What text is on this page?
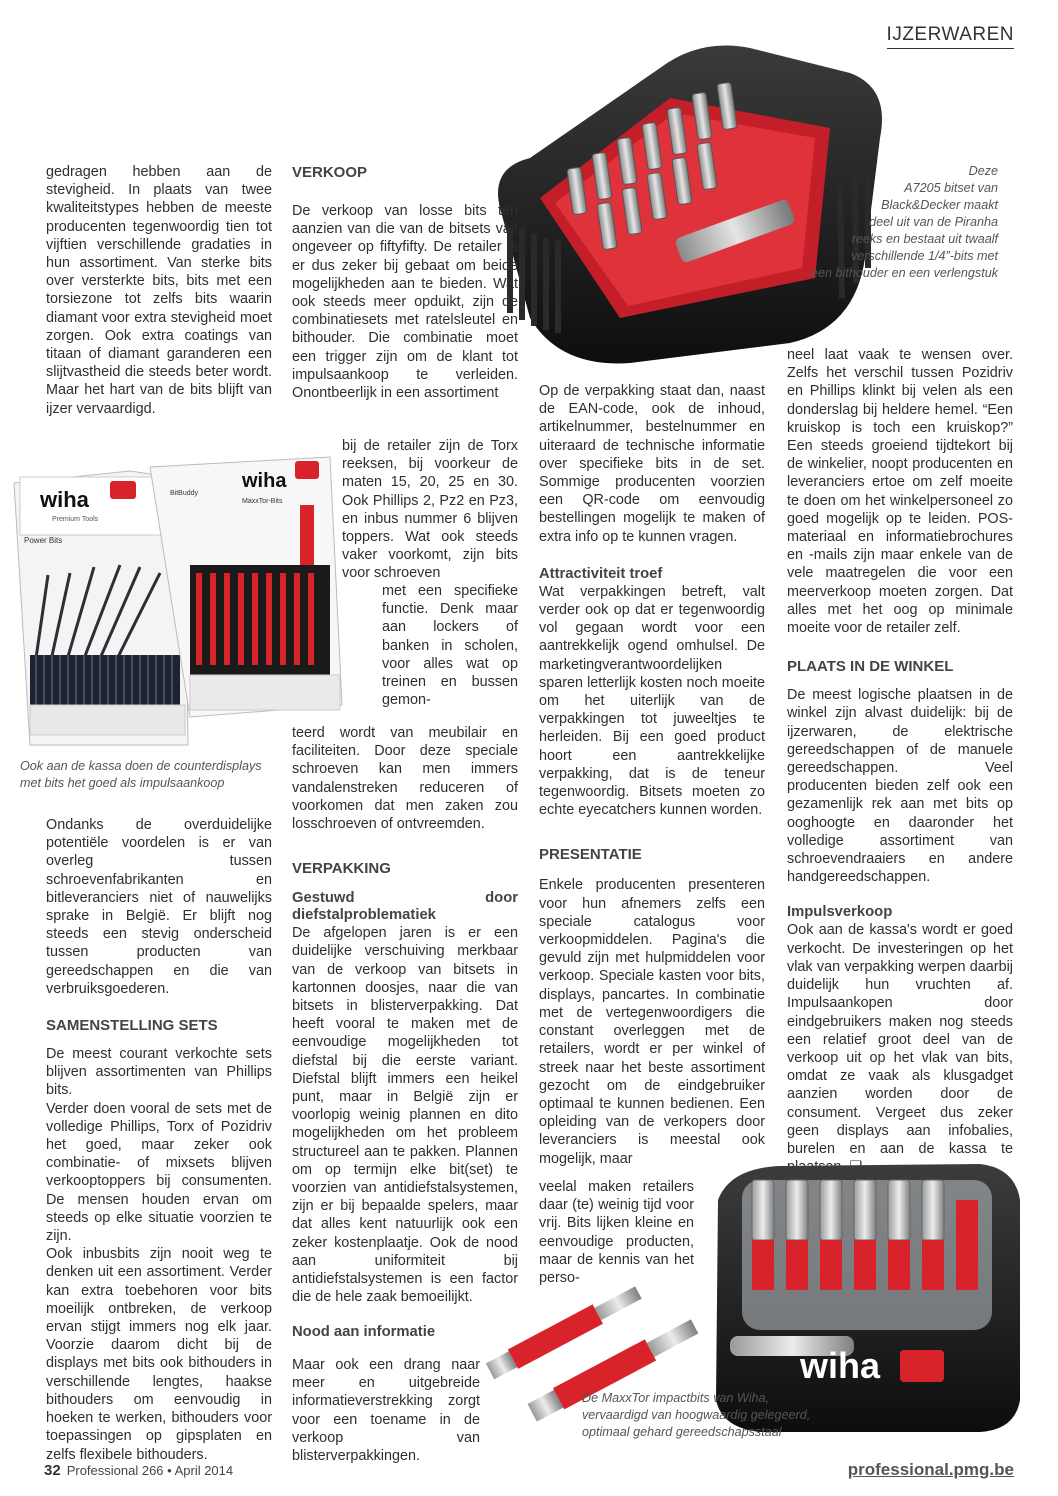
IJZERWAREN
Deze
A7205 bitset van
Black&Decker maakt
deel uit van de Piranha
reeks en bestaat uit twaalf
verschillende 1/4”-bits met
een bithouder en een verlengstuk

gedragen hebben aan de stevigheid. In plaats van twee kwaliteitstypes hebben de meeste producenten tegenwoordig tien tot vijftien verschillende gradaties in hun assortiment. Van sterke bits over versterkte bits, bits met een torsiezone tot zelfs bits waarin diamant voor extra stevigheid moet zorgen. Ook extra coatings van titaan of diamant garanderen een slijtvastheid die steeds beter wordt. Maar het hart van de bits blijft van ijzer vervaardigd.

wiha
Premium Tools
Power Bits
wiha
BitBuddy
MaxxTor-Bits
Ook aan de kassa doen de counterdisplays
met bits het goed als impulsaankoop

Ondanks de overduidelijke potentiële voordelen is er van overleg tussen schroevenfabrikanten en bitleveranciers niet of nauwelijks sprake in België. Er blijft nog steeds een stevig onderscheid tussen producten van gereedschappen en die van verbruiksgoederen.

SAMENSTELLING SETS

De meest courant verkochte sets blijven assortimenten van Phillips bits.

Verder doen vooral de sets met de volledige Phillips, Torx of Pozidriv het goed, maar zeker ook combinatie- of mixsets blijven verkooptoppers bij consumenten. De mensen houden ervan om steeds op elke situatie voorzien te zijn.

Ook inbusbits zijn nooit weg te denken uit een assortiment. Verder kan extra toebehoren voor bits moeilijk ontbreken, de verkoop ervan stijgt immers nog elk jaar. Voorzie daarom dicht bij de displays met bits ook bithouders in verschillende lengtes, haakse bithouders om eenvoudig in hoeken te werken, bithouders voor toepassingen op gipsplaten en zelfs flexibele bithouders.

VERKOOP

De verkoop van losse bits ten aanzien van die van de bitsets valt ongeveer op fiftyfifty. De retailer is er dus zeker bij gebaat om beide mogelijkheden aan te bieden. Wat ook steeds meer opduikt, zijn de combinatiesets met ratelsleutel en bithouder. Die combinatie moet een trigger zijn om de klant tot impulsaankoop te verleiden. Onontbeerlijk in een assortiment

bij de retailer zijn de Torx reeksen, bij voorkeur de maten 15, 20, 25 en 30. Ook Phillips 2, Pz2 en Pz3, en inbus nummer 6 blijven toppers. Wat ook steeds vaker voorkomt, zijn bits voor schroeven

met een specifieke functie. Denk maar aan lockers of banken in scholen, voor alles wat op treinen en bussen gemon-

teerd wordt van meubilair en faciliteiten. Door deze speciale schroeven kan men immers vandalenstreken reduceren of voorkomen dat men zaken zou losschroeven of ontvreemden.

VERPAKKING
Gestuwd door diefstalproblematiek

De afgelopen jaren is er een duidelijke verschuiving merkbaar van de verkoop van bitsets in kartonnen doosjes, naar die van bitsets in blisterverpakking. Dat heeft vooral te maken met de eenvoudige mogelijkheden tot diefstal bij die eerste variant. Diefstal blijft immers een heikel punt, maar in België zijn er voorlopig weinig plannen en dito mogelijkheden om het probleem structureel aan te pakken. Plannen om op termijn elke bit(set) te voorzien van antidiefstalsystemen, zijn er bij bepaalde spelers, maar dat alles kent natuurlijk ook een zeker kostenplaatje. Ook de nood aan uniformiteit bij antidiefstalsystemen is een factor die de hele zaak bemoeilijkt.

Nood aan informatie

Maar ook een drang naar meer en uitgebreide informatieverstrekking zorgt voor een toename in de verkoop van blisterverpakkingen.

Op de verpakking staat dan, naast de EAN-code, ook de inhoud, artikelnummer, bestelnummer en uiteraard de technische informatie over specifieke bits in de set. Sommige producenten voorzien een QR-code om eenvoudig bestellingen mogelijk te maken of extra info op te kunnen vragen.

Attractiviteit troef

Wat verpakkingen betreft, valt verder ook op dat er tegenwoordig vol gegaan wordt voor een aantrekkelijk ogend omhulsel. De marketingverantwoordelijken sparen letterlijk kosten noch moeite om het uiterlijk van de verpakkingen tot juweeltjes te herleiden. Bij een goed product hoort een aantrekkelijke verpakking, dat is de teneur tegenwoordig. Bitsets moeten zo echte eyecatchers kunnen worden.

PRESENTATIE

Enkele producenten presenteren voor hun afnemers zelfs een speciale catalogus voor verkoopmiddelen. Pagina's die gevuld zijn met hulpmiddelen voor verkoop. Speciale kasten voor bits, displays, pancartes. In combinatie met de vertegenwoordigers die constant overleggen met de retailers, wordt er per winkel of streek naar het beste assortiment gezocht om de eindgebruiker optimaal te kunnen bedienen. Een opleiding van de verkopers door leveranciers is meestal ook mogelijk, maar

veelal maken retailers daar (te) weinig tijd voor vrij. Bits lijken kleine en eenvoudige producten, maar de kennis van het perso-

neel laat vaak te wensen over. Zelfs het verschil tussen Pozidriv en Phillips klinkt bij velen als een donderslag bij heldere hemel. “Een kruiskop is toch een kruiskop?” Een steeds groeiend tijdtekort bij de winkelier, noopt producenten en leveranciers ertoe om zelf moeite te doen om het winkelpersoneel zo goed mogelijk op te leiden. POS-materiaal en informatiebrochures en -mails zijn maar enkele van de vele maatregelen die voor een meerverkoop moeten zorgen. Dat alles met het oog op minimale moeite voor de retailer zelf.

PLAATS IN DE WINKEL

De meest logische plaatsen in de winkel zijn alvast duidelijk: bij de ijzerwaren, de elektrische gereedschappen of de manuele gereedschappen. Veel producenten bieden zelf ook een gezamenlijk rek aan met bits op ooghoogte en daaronder het volledige assortiment van schroevendraaiers en andere handgereedschappen.

Impulsverkoop

Ook aan de kassa's wordt er goed verkocht. De investeringen op het vlak van verpakking werpen daarbij duidelijk hun vruchten af. Impulsaankopen door eindgebruikers maken nog steeds een relatief groot deel van de verkoop uit op het vlak van bits, omdat ze vaak als klusgadget aanzien worden door de consument. Vergeet dus zeker geen displays aan infobalies, burelen en aan de kassa te

wiha
De MaxxTor impactbits van Wiha,
vervaardigd van hoogwaardig gelegeerd,
optimaal gehard gereedschapsstaal
32 Professional 266 • April 2014	professional.pmg.be
